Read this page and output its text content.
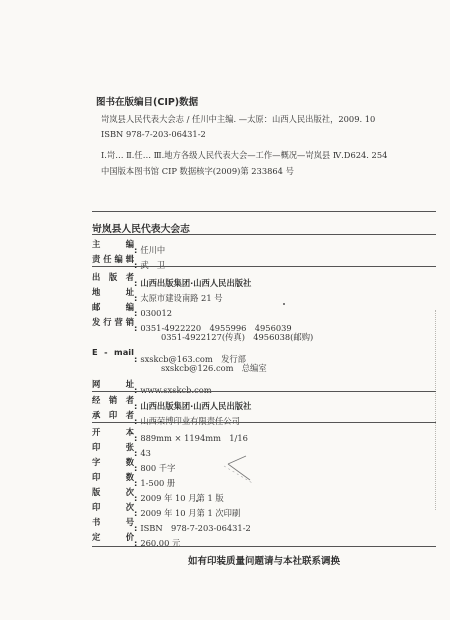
图书在版编目(CIP)数据
岢岚县人民代表大会志 / 任川中主编. —太原：山西人民出版社，2009. 10
ISBN 978-7-203-06431-2
Ⅰ.岢… Ⅱ.任… Ⅲ.地方各级人民代表大会—工作—概况—岢岚县 Ⅳ.D624. 254
中国版本图书馆 CIP 数据核字(2009)第 233864 号
岢岚县人民代表大会志
主　编: 任川中
责任编辑: 武　卫
出 版 者: 山西出版集团·山西人民出版社
地　址: 太原市建设南路 21 号
邮　编: 030012
发行营销: 0351-4922220　4955996　4956039
0351-4922127(传真)　4956038(邮购)
E - mail: sxskcb@163.com　发行部
sxskcb@126.com　总编室
网　址: www.sxskcb.com
经 销 者: 山西出版集团·山西人民出版社
承 印 者: 山西荣博印业有限责任公司
开　本: 889mm × 1194mm　1/16
印　张: 43
字　数: 800 千字
印　数: 1-500 册
版　次: 2009 年 10 月第 1 版
印　次: 2009 年 10 月第 1 次印刷
书　号: ISBN　978-7-203-06431-2
定　价: 260.00 元
如有印装质量问题请与本社联系调换
